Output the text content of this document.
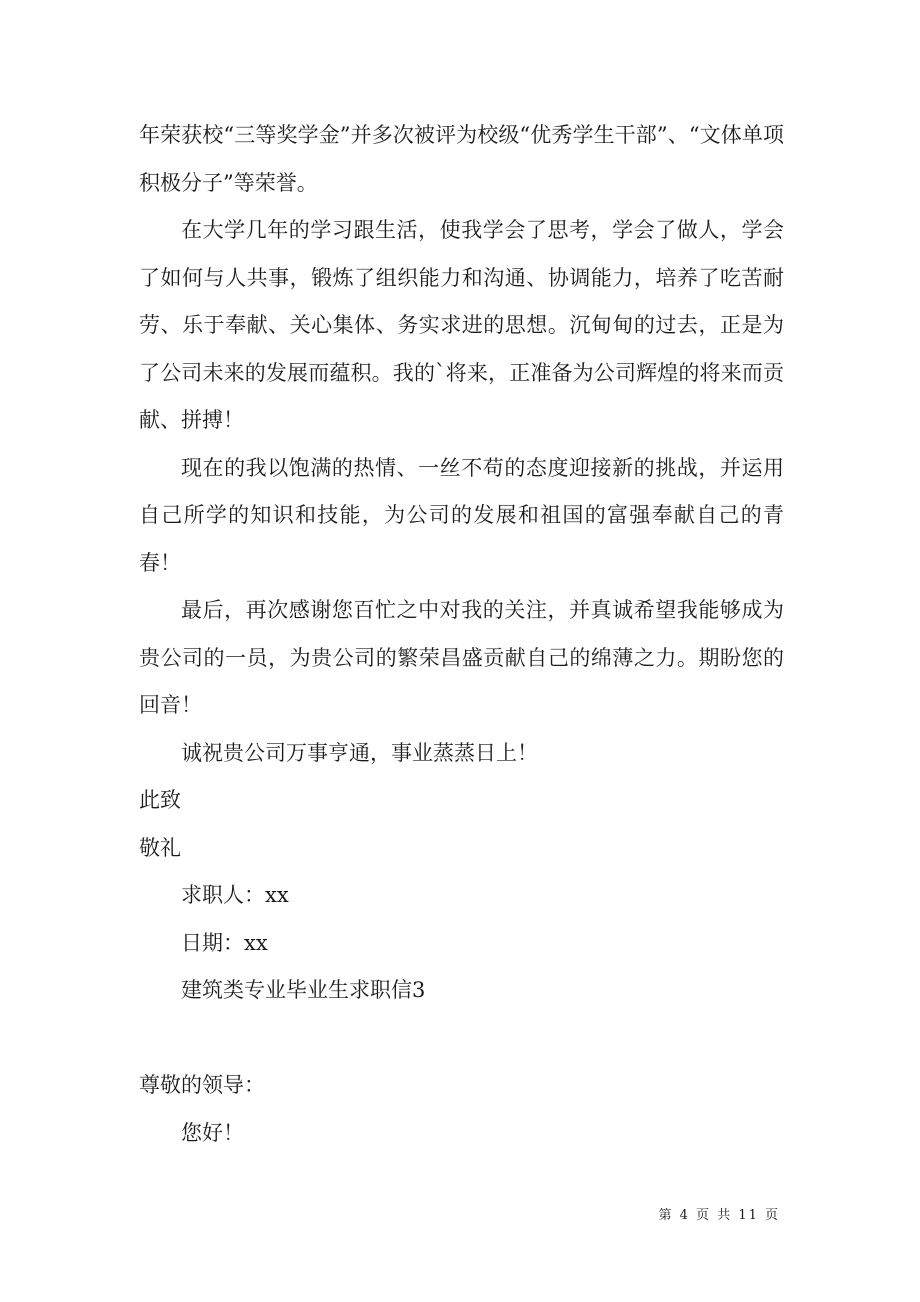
年荣获校“三等奖学金”并多次被评为校级“优秀学生干部”、“文体单项积极分子”等荣誉。

在大学几年的学习跟生活，使我学会了思考，学会了做人，学会了如何与人共事，锻炼了组织能力和沟通、协调能力，培养了吃苦耐劳、乐于奉献、关心集体、务实求进的思想。沉甸甸的过去，正是为了公司未来的发展而蕴积。我的`将来，正准备为公司辉煌的将来而贡献、拼搏！

现在的我以饱满的热情、一丝不苟的态度迎接新的挑战，并运用自己所学的知识和技能，为公司的发展和祖国的富强奉献自己的青春！

最后，再次感谢您百忙之中对我的关注，并真诚希望我能够成为贵公司的一员，为贵公司的繁荣昌盛贡献自己的绵薄之力。期盼您的回音！

诚祝贵公司万事亨通，事业蒸蒸日上！

此致

敬礼

求职人：xx

日期：xx

建筑类专业毕业生求职信3

尊敬的领导：

您好！

第 4 页 共 11 页
